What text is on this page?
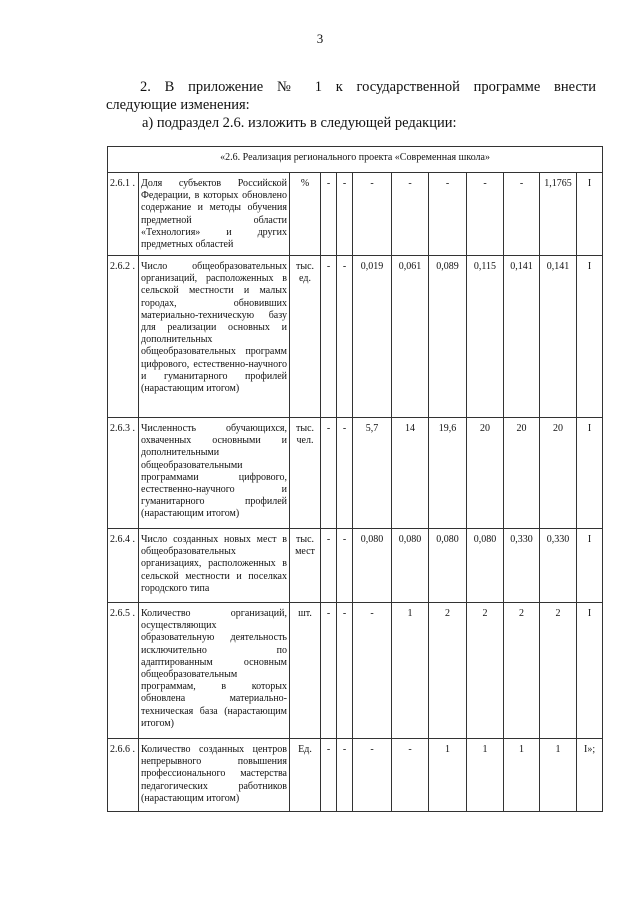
3
2. В приложение № 1 к государственной программе внести
следующие изменения:
а) подраздел 2.6. изложить в следующей редакции:
«2.6. Реализация регионального проекта «Современная школа»											
2.6.1 .	Доля субъектов Российской Федерации, в которых обновлено содержание и методы обучения предметной области «Технология» и других предметных областей	%	-	-	-	-	-	-	-	1,1765	I
2.6.2 .	Число общеобразовательных организаций, расположенных в сельской местности и малых городах, обновивших материально-техническую базу для реализации основных и дополнительных общеобразовательных программ цифрового, естественно-научного и гуманитарного профилей (нарастающим итогом)	тыс. ед.	-	-	0,019	0,061	0,089	0,115	0,141	0,141	I
2.6.3 .	Численность обучающихся, охваченных основными и дополнительными общеобразовательными программами цифрового, естественно-научного и гуманитарного профилей (нарастающим итогом)	тыс. чел.	-	-	5,7	14	19,6	20	20	20	I
2.6.4 .	Число созданных новых мест в общеобразовательных организациях, расположенных в сельской местности и поселках городского типа	тыс. мест	-	-	0,080	0,080	0,080	0,080	0,330	0,330	I
2.6.5 .	Количество организаций, осуществляющих образовательную деятельность исключительно по адаптированным основным общеобразовательным программам, в которых обновлена материально-техническая база (нарастающим итогом)	шт.	-	-	-	1	2	2	2	2	I
2.6.6 .	Количество созданных центров непрерывного повышения профессионального мастерства педагогических работников (нарастающим итогом)	Ед.	-	-	-	-	1	1	1	1	I»;
